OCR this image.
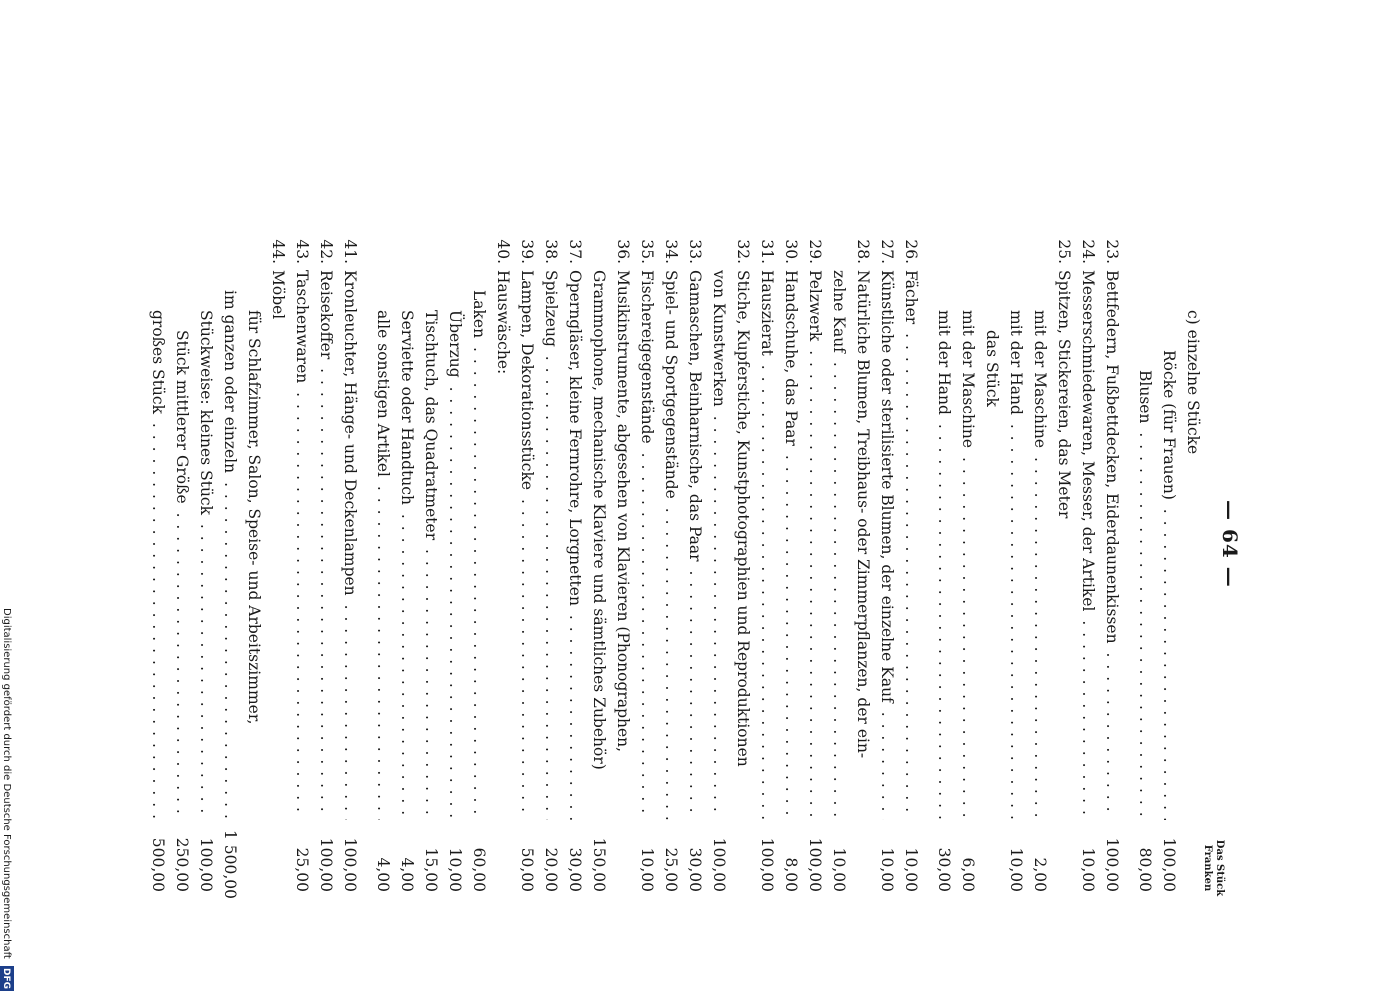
— 64 —
Das Stück
Franken
c) einzelne Stücke
Röcke (für Frauen) . . .
100,00
Blusen . . .
80,00
23.
Bettfedern, Fußbettdecken, Eiderdaunenkissen . . .
100,00
24.
Messerschmiedewaren, Messer, der Artikel . . .
10,00
25.
Spitzen, Stickereien, das Meter
mit der Maschine . . .
2,00
mit der Hand . . .
10,00
das Stück
mit der Maschine . . .
6,00
mit der Hand . . .
30,00
26.
Fächer . . .
10,00
27.
Künstliche oder sterilisierte Blumen, der einzelne Kauf . . .
10,00
28.
Natürliche Blumen, Treibhaus- oder Zimmerpflanzen, der ein-
zelne Kauf . . .
10,00
29.
Pelzwerk . . .
100,00
30.
Handschuhe, das Paar . . .
8,00
31.
Hauszierat . . .
100,00
32.
Stiche, Kupferstiche, Kunstphotographien und Reproduktionen
von Kunstwerken . . .
100,00
33.
Gamaschen, Beinharnische, das Paar . . .
30,00
34.
Spiel- und Sportgegenstände . . .
25,00
35.
Fischereigegenstände . . .
10,00
36.
Musikinstrumente, abgesehen von Klavieren (Phonographen,
Grammophone, mechanische Klaviere und sämtliches Zubehör)
150,00
37.
Operngläser, kleine Fernrohre, Lorgnetten . . .
30,00
38.
Spielzeug . . .
20,00
39.
Lampen, Dekorationsstücke . . .
50,00
40.
Hauswäsche:
Laken . . .
60,00
Überzug . . .
10,00
Tischtuch, das Quadratmeter . . .
15,00
Serviette oder Handtuch . . .
4,00
alle sonstigen Artikel . . .
4,00
41.
Kronleuchter, Hänge- und Deckenlampen . . .
100,00
42.
Reisekoffer . . .
100,00
43.
Taschenwaren . . .
25,00
44.
Möbel
für Schlafzimmer, Salon, Speise- und Arbeitszimmer,
im ganzen oder einzeln . . .
1 500,00
Stückweise: kleines Stück . . .
100,00
Stück mittlerer Größe . . .
250,00
großes Stück . . .
500,00
Digitalisierung gefördert durch die Deutsche Forschungsgemeinschaft DFG
